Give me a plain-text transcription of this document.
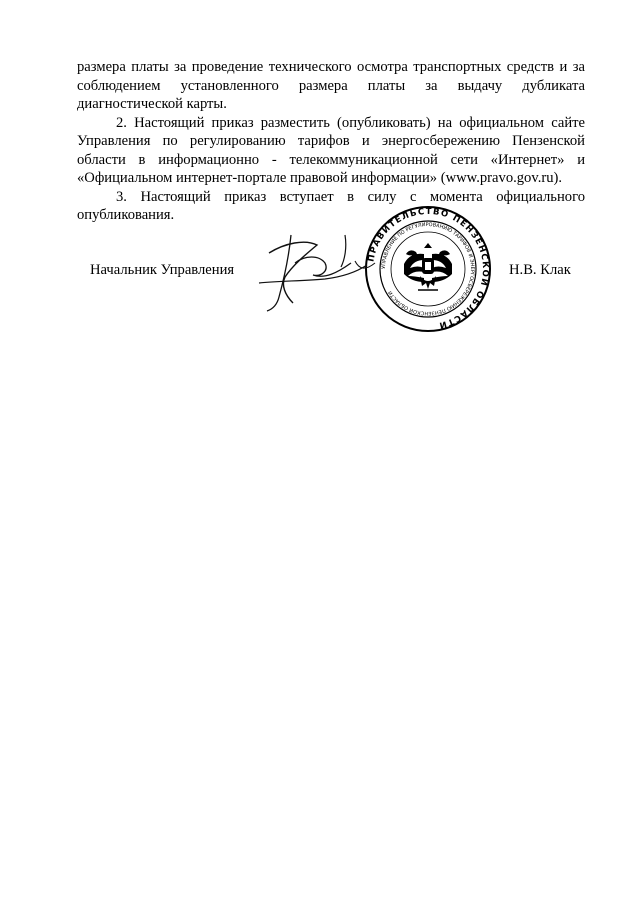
размера платы за проведение технического осмотра транспортных средств и за соблюдением установленного размера платы за выдачу дубликата диагностической карты.

2. Настоящий приказ разместить (опубликовать) на официальном сайте Управления по регулированию тарифов и энергосбережению Пензенской области в информационно - телекоммуникационной сети «Интернет» и «Официальном интернет-портале правовой информации» (www.pravo.gov.ru).

3. Настоящий приказ вступает в силу с момента официального опубликования.

ПРАВИТЕЛЬСТВО ПЕНЗЕНСКОЙ ОБЛАСТИ
УПРАВЛЕНИЕ ПО РЕГУЛИРОВАНИЮ ТАРИФОВ И ЭНЕРГОСБЕРЕЖЕНИЮ ПЕНЗЕНСКОЙ ОБЛАСТИ
Начальник Управления	Н.В. Клак
